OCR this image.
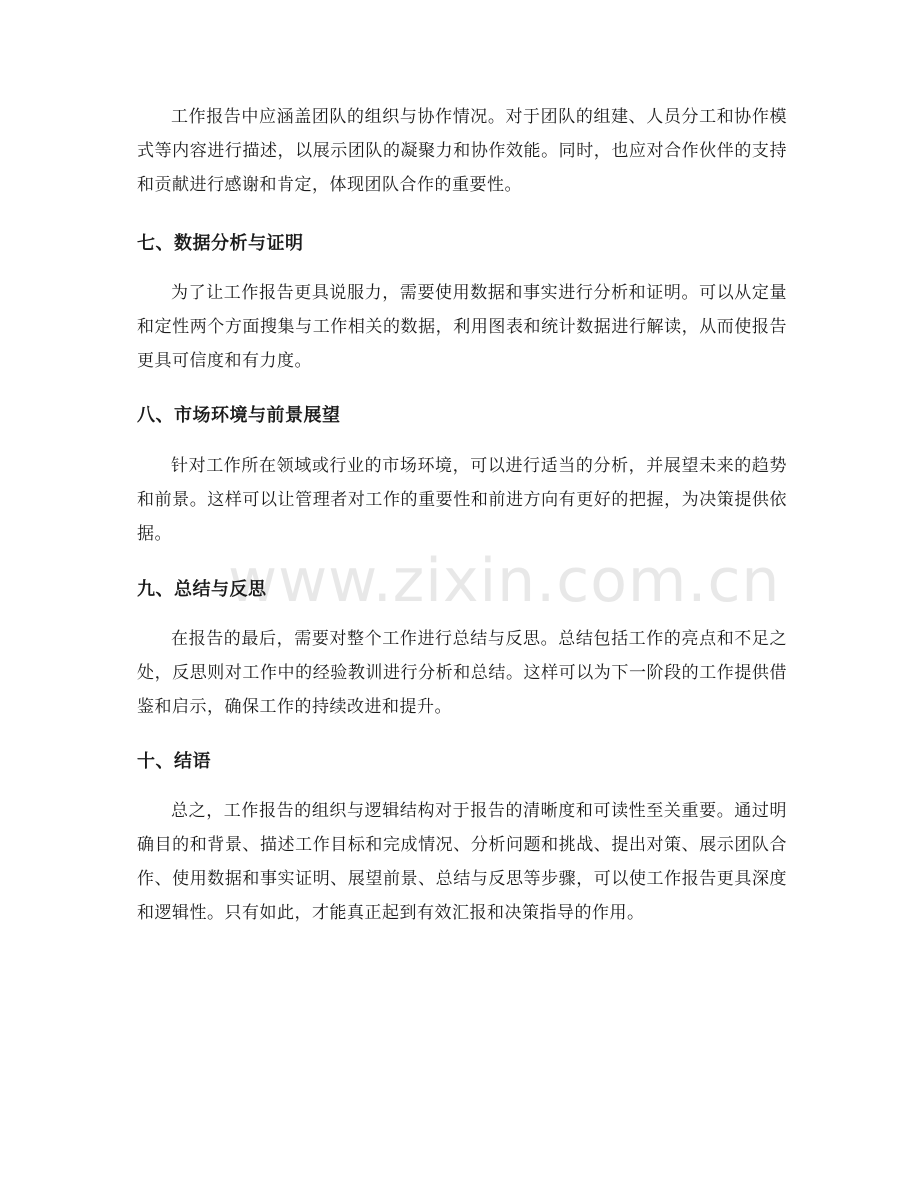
www.zixin.com.cn

工作报告中应涵盖团队的组织与协作情况。对于团队的组建、人员分工和协作模式等内容进行描述，以展示团队的凝聚力和协作效能。同时，也应对合作伙伴的支持和贡献进行感谢和肯定，体现团队合作的重要性。

七、数据分析与证明

为了让工作报告更具说服力，需要使用数据和事实进行分析和证明。可以从定量和定性两个方面搜集与工作相关的数据，利用图表和统计数据进行解读，从而使报告更具可信度和有力度。

八、市场环境与前景展望

针对工作所在领域或行业的市场环境，可以进行适当的分析，并展望未来的趋势和前景。这样可以让管理者对工作的重要性和前进方向有更好的把握，为决策提供依据。

九、总结与反思

在报告的最后，需要对整个工作进行总结与反思。总结包括工作的亮点和不足之处，反思则对工作中的经验教训进行分析和总结。这样可以为下一阶段的工作提供借鉴和启示，确保工作的持续改进和提升。

十、结语

总之，工作报告的组织与逻辑结构对于报告的清晰度和可读性至关重要。通过明确目的和背景、描述工作目标和完成情况、分析问题和挑战、提出对策、展示团队合作、使用数据和事实证明、展望前景、总结与反思等步骤，可以使工作报告更具深度和逻辑性。只有如此，才能真正起到有效汇报和决策指导的作用。
